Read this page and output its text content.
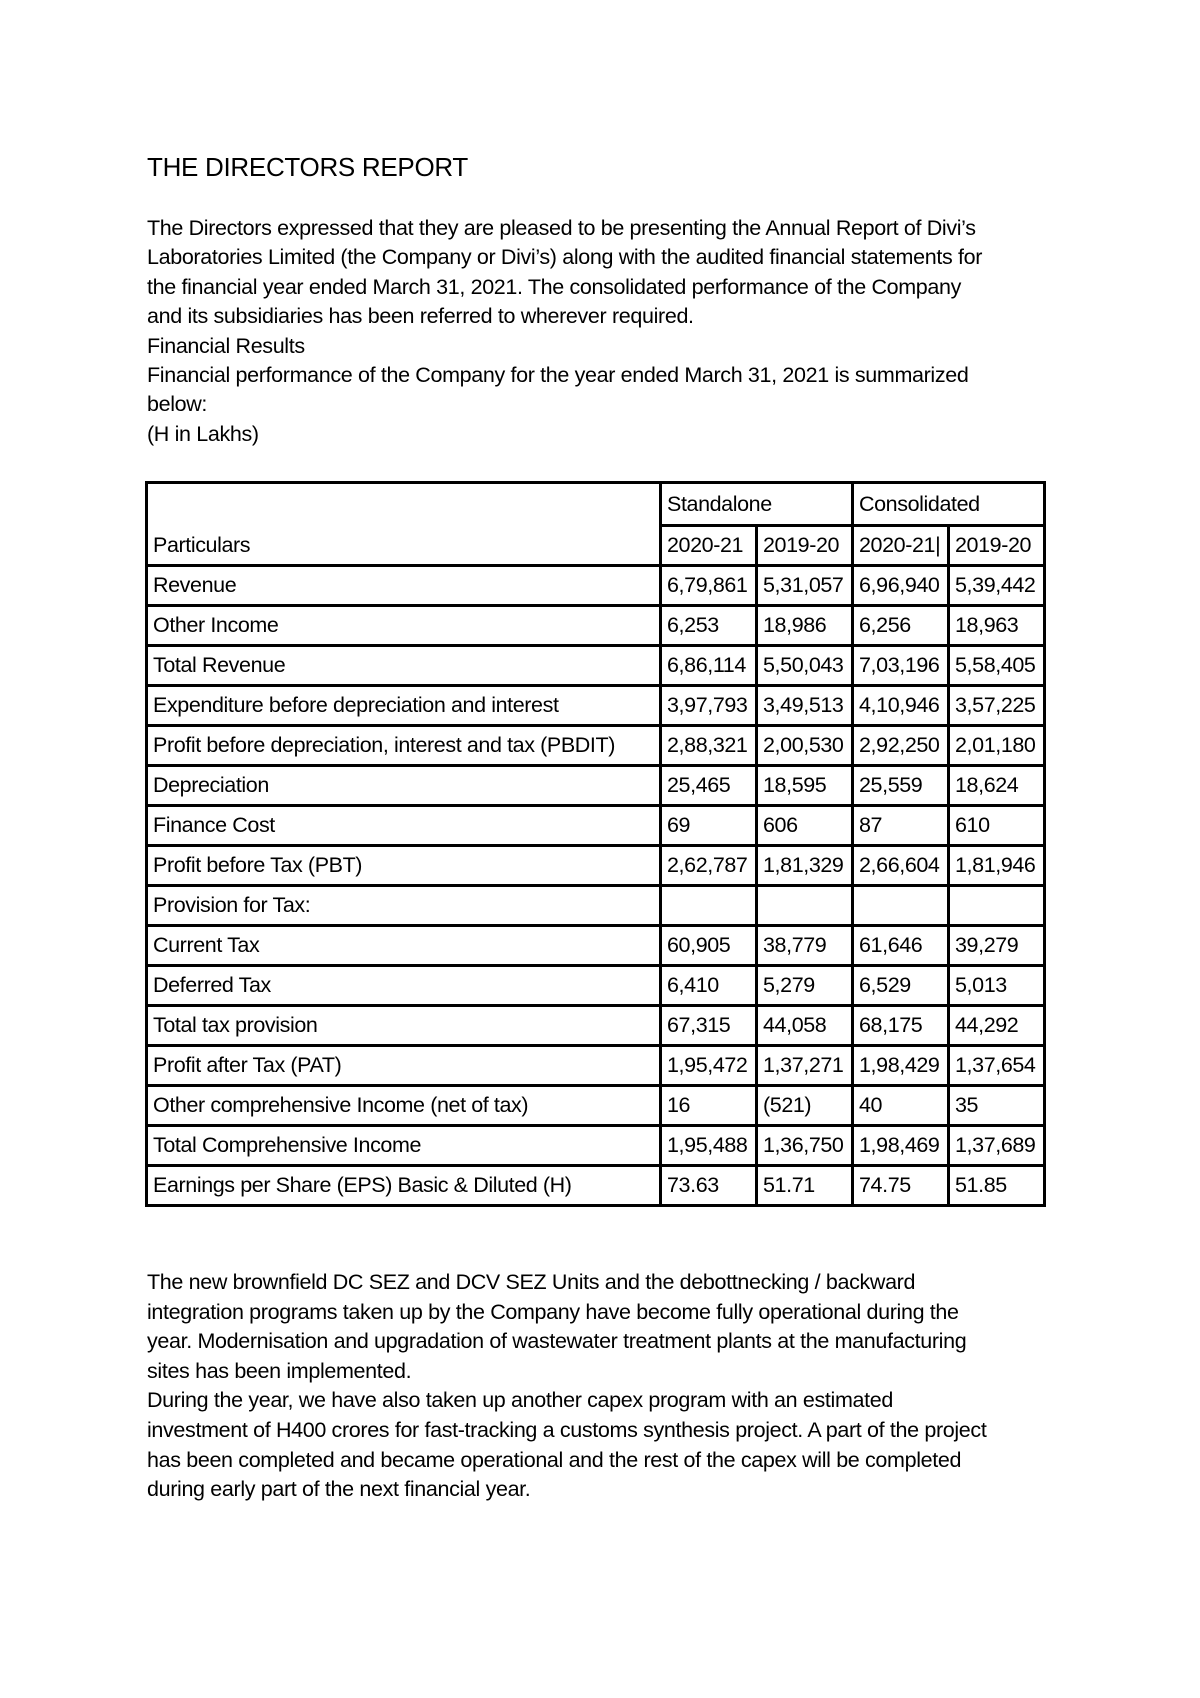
THE DIRECTORS REPORT

The Directors expressed that they are pleased to be presenting the Annual Report of Divi’s

Laboratories Limited (the Company or Divi’s) along with the audited financial statements for

the financial year ended March 31, 2021. The consolidated performance of the Company

and its subsidiaries has been referred to wherever required.

Financial Results

Financial performance of the Company for the year ended March 31, 2021 is summarized

below:

(H in Lakhs)

Particulars	Standalone		Consolidated	
	2020-21	2019-20	2020-21|	2019-20
Revenue	6,79,861	5,31,057	6,96,940	5,39,442
Other Income	6,253	18,986	6,256	18,963
Total Revenue	6,86,114	5,50,043	7,03,196	5,58,405
Expenditure before depreciation and interest	3,97,793	3,49,513	4,10,946	3,57,225
Profit before depreciation, interest and tax (PBDIT)	2,88,321	2,00,530	2,92,250	2,01,180
Depreciation	25,465	18,595	25,559	18,624
Finance Cost	69	606	87	610
Profit before Tax (PBT)	2,62,787	1,81,329	2,66,604	1,81,946
Provision for Tax:				
Current Tax	60,905	38,779	61,646	39,279
Deferred Tax	6,410	5,279	6,529	5,013
Total tax provision	67,315	44,058	68,175	44,292
Profit after Tax (PAT)	1,95,472	1,37,271	1,98,429	1,37,654
Other comprehensive Income (net of tax)	16	(521)	40	35
Total Comprehensive Income	1,95,488	1,36,750	1,98,469	1,37,689
Earnings per Share (EPS) Basic & Diluted (H)	73.63	51.71	74.75	51.85

The new brownfield DC SEZ and DCV SEZ Units and the debottnecking / backward

integration programs taken up by the Company have become fully operational during the

year. Modernisation and upgradation of wastewater treatment plants at the manufacturing

sites has been implemented.

During the year, we have also taken up another capex program with an estimated

investment of H400 crores for fast-tracking a customs synthesis project. A part of the project

has been completed and became operational and the rest of the capex will be completed

during early part of the next financial year.
